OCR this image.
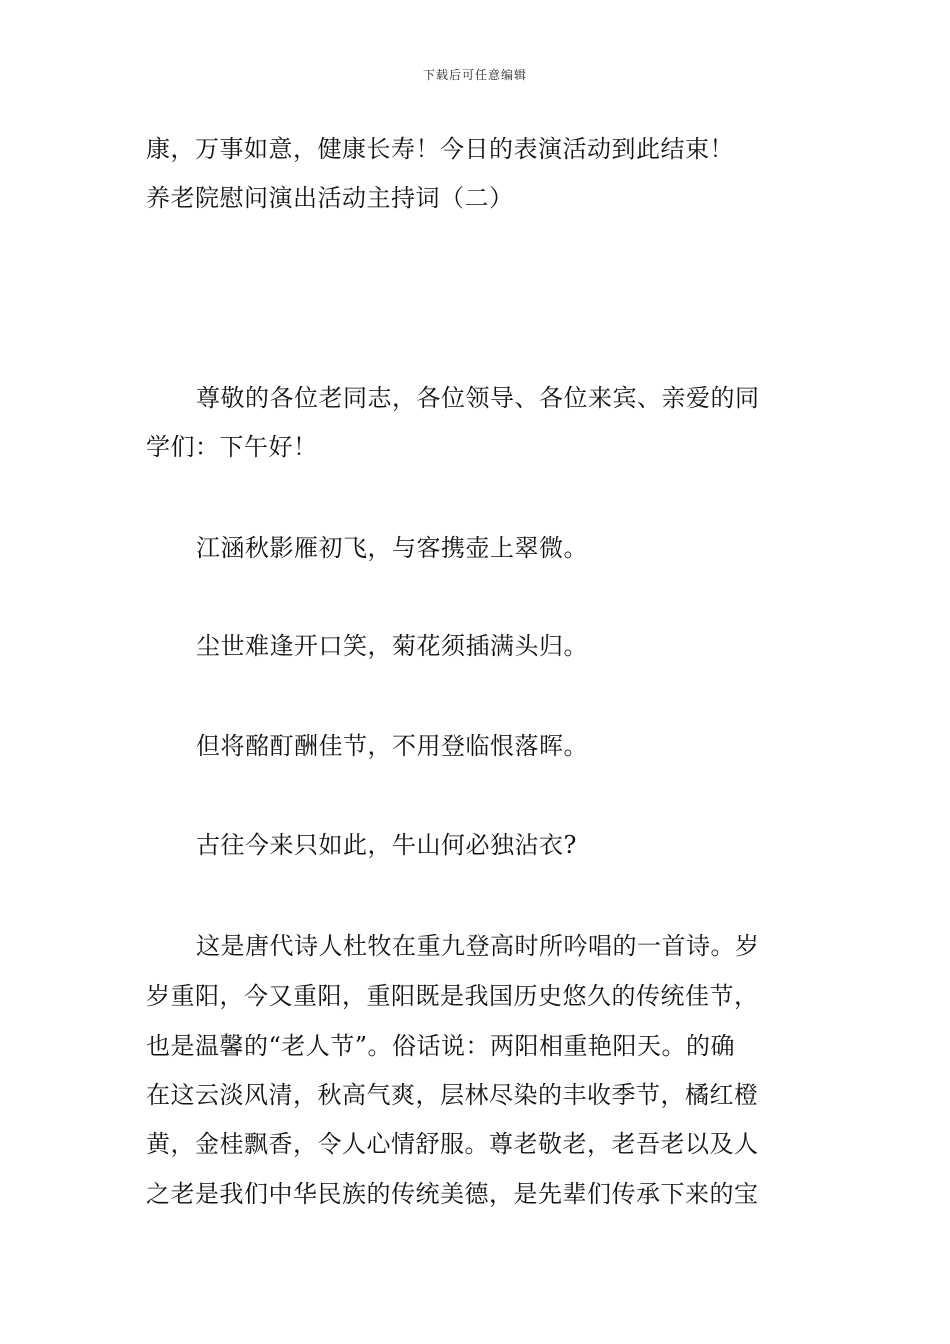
下载后可任意编辑
康，万事如意，健康长寿！今日的表演活动到此结束！
养老院慰问演出活动主持词（二）
尊敬的各位老同志，各位领导、各位来宾、亲爱的同
学们：下午好！
江涵秋影雁初飞，与客携壶上翠微。
尘世难逢开口笑，菊花须插满头归。
但将酩酊酬佳节，不用登临恨落晖。
古往今来只如此，牛山何必独沾衣?
这是唐代诗人杜牧在重九登高时所吟唱的一首诗。岁
岁重阳，今又重阳，重阳既是我国历史悠久的传统佳节，
也是温馨的“老人节”。俗话说：两阳相重艳阳天。的确
在这云淡风清，秋高气爽，层林尽染的丰收季节，橘红橙
黄，金桂飘香，令人心情舒服。尊老敬老，老吾老以及人
之老是我们中华民族的传统美德，是先辈们传承下来的宝
